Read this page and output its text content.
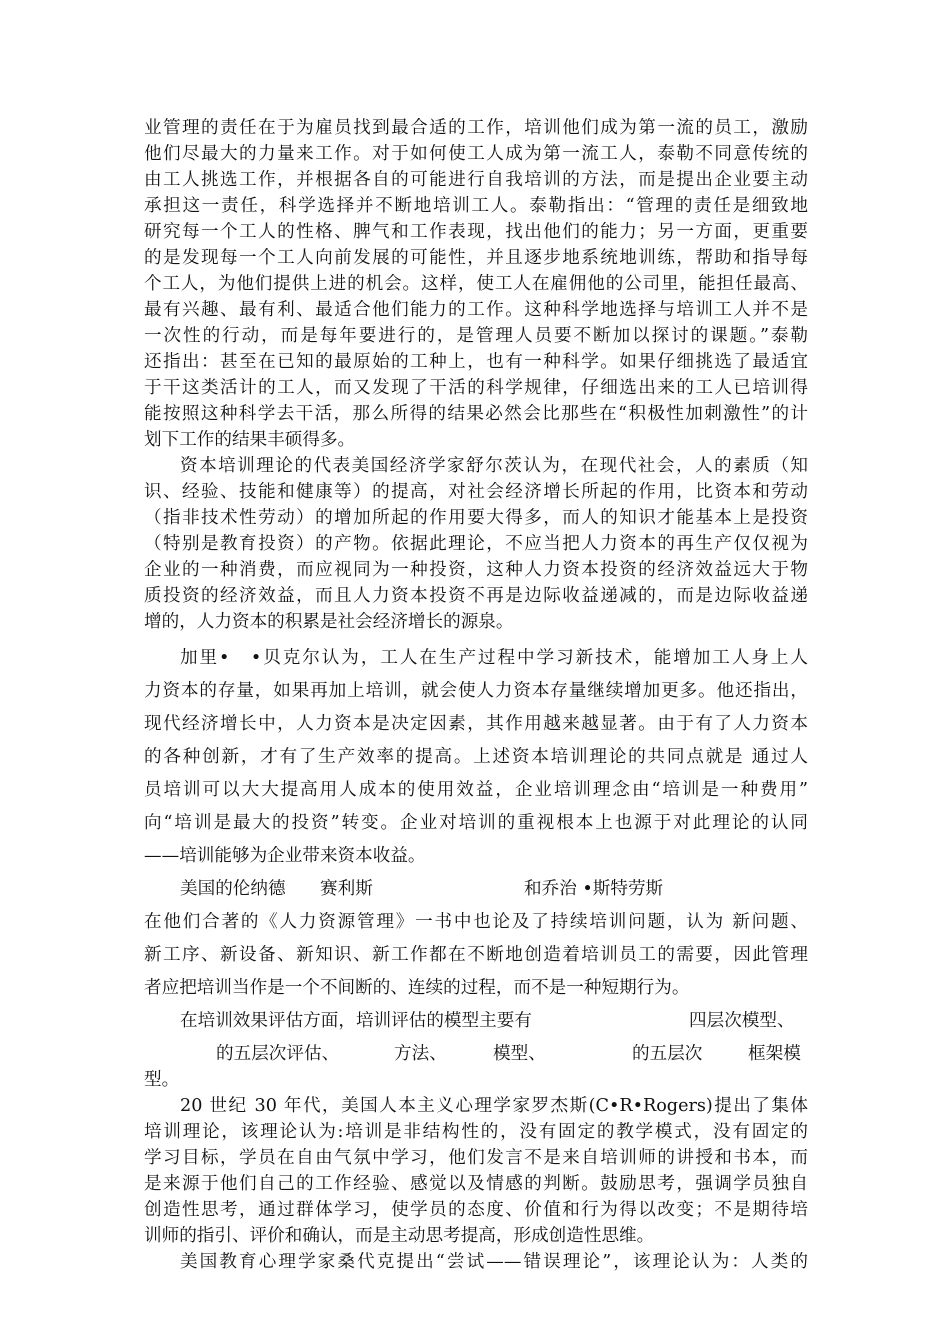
业管理的责任在于为雇员找到最合适的工作，培训他们成为第一流的员工，激励
他们尽最大的力量来工作。对于如何使工人成为第一流工人，泰勒不同意传统的
由工人挑选工作，并根据各自的可能进行自我培训的方法，而是提出企业要主动
承担这一责任，科学选择并不断地培训工人。泰勒指出：“管理的责任是细致地
研究每一个工人的性格、脾气和工作表现，找出他们的能力；另一方面，更重要
的是发现每一个工人向前发展的可能性，并且逐步地系统地训练，帮助和指导每
个工人，为他们提供上进的机会。这样，使工人在雇佣他的公司里，能担任最高、
最有兴趣、最有利、最适合他们能力的工作。这种科学地选择与培训工人并不是
一次性的行动，而是每年要进行的，是管理人员要不断加以探讨的课题。”泰勒
还指出：甚至在已知的最原始的工种上，也有一种科学。如果仔细挑选了最适宜
于干这类活计的工人，而又发现了干活的科学规律，仔细选出来的工人已培训得
能按照这种科学去干活，那么所得的结果必然会比那些在“积极性加刺激性”的计
划下工作的结果丰硕得多。
资本培训理论的代表美国经济学家舒尔茨认为，在现代社会，人的素质（知
识、经验、技能和健康等）的提高，对社会经济增长所起的作用，比资本和劳动
（指非技术性劳动）的增加所起的作用要大得多，而人的知识才能基本上是投资
（特别是教育投资）的产物。依据此理论，不应当把人力资本的再生产仅仅视为
企业的一种消费，而应视同为一种投资，这种人力资本投资的经济效益远大于物
质投资的经济效益，而且人力资本投资不再是边际收益递减的，而是边际收益递
增的，人力资本的积累是社会经济增长的源泉。
加里•　•贝克尔认为，工人在生产过程中学习新技术，能增加工人身上人
力资本的存量，如果再加上培训，就会使人力资本存量继续增加更多。他还指出，
现代经济增长中，人力资本是决定因素，其作用越来越显著。由于有了人力资本
的各种创新，才有了生产效率的提高。上述资本培训理论的共同点就是 通过人
员培训可以大大提高用人成本的使用效益，企业培训理念由“培训是一种费用”
向“培训是最大的投资”转变。企业对培训的重视根本上也源于对此理论的认同
——培训能够为企业带来资本收益。
美国的伦纳德 赛利斯	和乔治 •斯特劳斯
在他们合著的《人力资源管理》一书中也论及了持续培训问题，认为 新问题、
新工序、新设备、新知识、新工作都在不断地创造着培训员工的需要，因此管理
者应把培训当作是一个不间断的、连续的过程，而不是一种短期行为。
在培训效果评估方面，培训评估的模型主要有	四层次模型、
的五层次评估、	方法、	模型、	的五层次	框架模
型。
20 世纪 30 年代，美国人本主义心理学家罗杰斯(C•R•Rogers)提出了集体
培训理论，该理论认为:培训是非结构性的，没有固定的教学模式，没有固定的
学习目标，学员在自由气氛中学习，他们发言不是来自培训师的讲授和书本，而
是来源于他们自己的工作经验、感觉以及情感的判断。鼓励思考，强调学员独自
创造性思考，通过群体学习，使学员的态度、价值和行为得以改变；不是期待培
训师的指引、评价和确认，而是主动思考提高，形成创造性思维。
美国教育心理学家桑代克提出“尝试——错误理论”，该理论认为：人类的
